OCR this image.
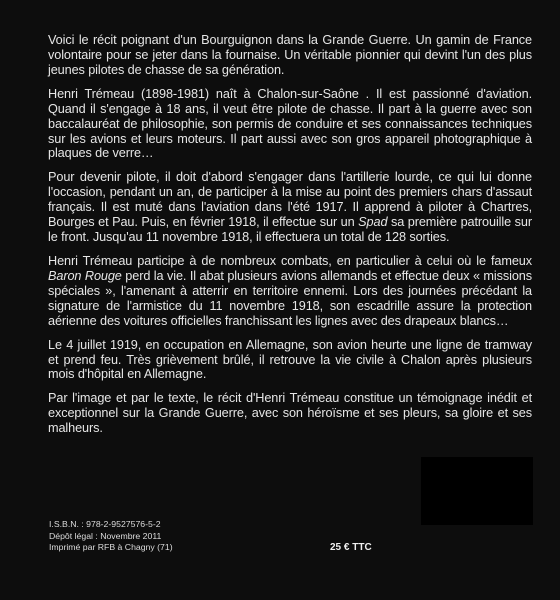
Voici le récit poignant d'un Bourguignon dans la Grande Guerre. Un gamin de France volontaire pour se jeter dans la fournaise. Un véritable pionnier qui devint l'un des plus jeunes pilotes de chasse de sa génération.

Henri Trémeau (1898-1981) naît à Chalon-sur-Saône . Il est passionné d'aviation. Quand il s'engage à 18 ans, il veut être pilote de chasse. Il part à la guerre avec son baccalauréat de philosophie, son permis de conduire et ses connaissances techniques sur les avions et leurs moteurs. Il part aussi avec son gros appareil photographique à plaques de verre…

Pour devenir pilote, il doit d'abord s'engager dans l'artillerie lourde, ce qui lui donne l'occasion, pendant un an, de participer à la mise au point des premiers chars d'assaut français. Il est muté dans l'aviation dans l'été 1917. Il apprend à piloter à Chartres, Bourges et Pau. Puis, en février 1918, il effectue sur un Spad sa première patrouille sur le front. Jusqu'au 11 novembre 1918, il effectuera un total de 128 sorties.

Henri Trémeau participe à de nombreux combats, en particulier à celui où le fameux Baron Rouge perd la vie. Il abat plusieurs avions allemands et effectue deux « missions spéciales », l'amenant à atterrir en territoire ennemi. Lors des journées précédant la signature de l'armistice du 11 novembre 1918, son escadrille assure la protection aérienne des voitures officielles franchissant les lignes avec des drapeaux blancs…

Le 4 juillet 1919, en occupation en Allemagne, son avion heurte une ligne de tramway et prend feu. Très grièvement brûlé, il retrouve la vie civile à Chalon après plusieurs mois d'hôpital en Allemagne.

Par l'image et par le texte, le récit d'Henri Trémeau constitue un témoignage inédit et exceptionnel sur la Grande Guerre, avec son héroïsme et ses pleurs, sa gloire et ses malheurs.

I.S.B.N. : 978-2-9527576-5-2
Dépôt légal : Novembre 2011
Imprimé par RFB à Chagny (71)	25 € TTC
